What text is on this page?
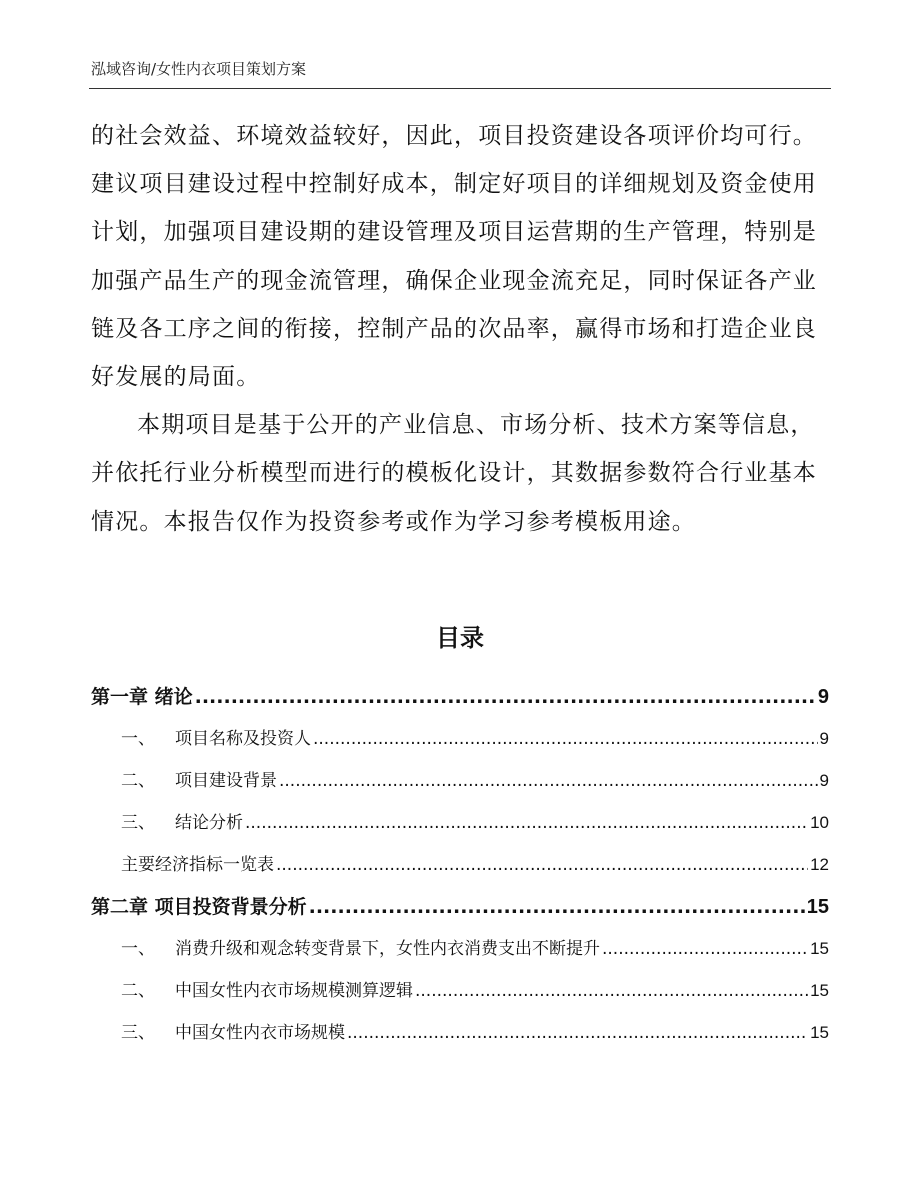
泓域咨询/女性内衣项目策划方案

的社会效益、环境效益较好，因此，项目投资建设各项评价均可行。建议项目建设过程中控制好成本，制定好项目的详细规划及资金使用计划，加强项目建设期的建设管理及项目运营期的生产管理，特别是加强产品生产的现金流管理，确保企业现金流充足，同时保证各产业链及各工序之间的衔接，控制产品的次品率，赢得市场和打造企业良好发展的局面。

本期项目是基于公开的产业信息、市场分析、技术方案等信息，并依托行业分析模型而进行的模板化设计，其数据参数符合行业基本情况。本报告仅作为投资参考或作为学习参考模板用途。

目录
第一章 绪论 .....	9
一、 项目名称及投资人 .....	9
二、 项目建设背景 .....	9
三、 结论分析 .....	10
主要经济指标一览表 .....	12
第二章 项目投资背景分析 .....	15
一、 消费升级和观念转变背景下，女性内衣消费支出不断提升 .....	15
二、 中国女性内衣市场规模测算逻辑 .....	15
三、 中国女性内衣市场规模 .....	15
